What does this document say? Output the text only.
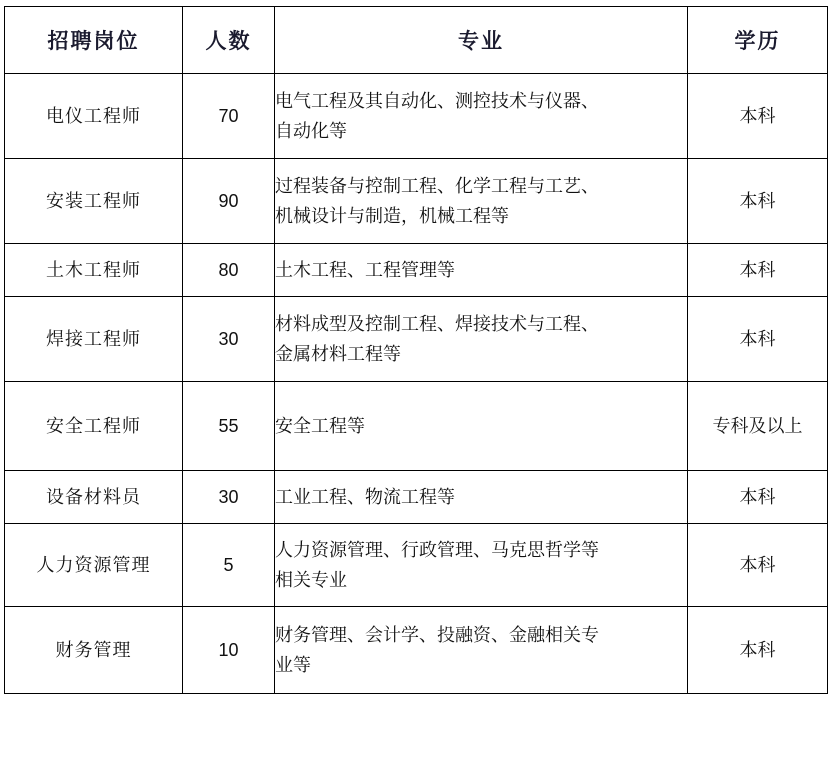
招聘岗位	人数	专业	学历
电仪工程师	70	电气工程及其自动化、测控技术与仪器、
自动化等	本科

安装工程师	90	过程装备与控制工程、化学工程与工艺、
机械设计与制造，机械工程等	本科

土木工程师	80	土木工程、工程管理等	本科

焊接工程师	30	材料成型及控制工程、焊接技术与工程、
金属材料工程等	本科

安全工程师	55	安全工程等	专科及以上

设备材料员	30	工业工程、物流工程等	本科

人力资源管理	5	人力资源管理、行政管理、马克思哲学等
相关专业	本科

财务管理	10	财务管理、会计学、投融资、金融相关专
业等	本科
